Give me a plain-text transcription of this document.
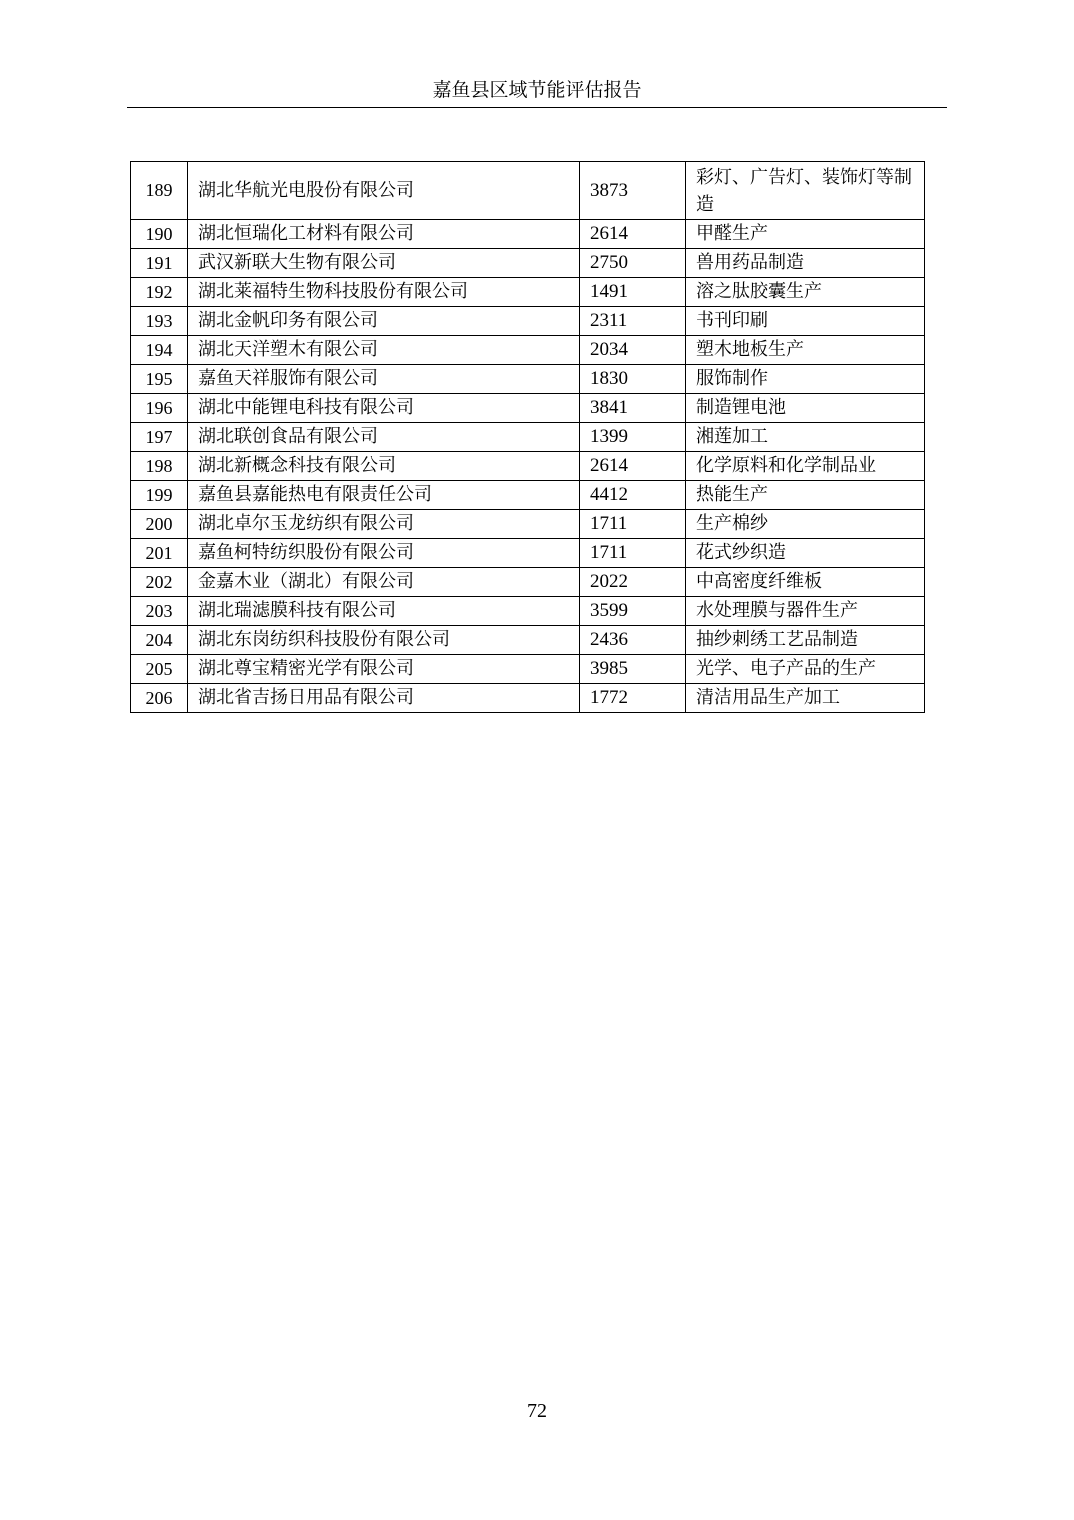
嘉鱼县区域节能评估报告
189	湖北华航光电股份有限公司	3873	彩灯、广告灯、装饰灯等制造
190	湖北恒瑞化工材料有限公司	2614	甲醛生产
191	武汉新联大生物有限公司	2750	兽用药品制造
192	湖北莱福特生物科技股份有限公司	1491	溶之肽胶囊生产
193	湖北金帆印务有限公司	2311	书刊印刷
194	湖北天洋塑木有限公司	2034	塑木地板生产
195	嘉鱼天祥服饰有限公司	1830	服饰制作
196	湖北中能锂电科技有限公司	3841	制造锂电池
197	湖北联创食品有限公司	1399	湘莲加工
198	湖北新概念科技有限公司	2614	化学原料和化学制品业
199	嘉鱼县嘉能热电有限责任公司	4412	热能生产
200	湖北卓尔玉龙纺织有限公司	1711	生产棉纱
201	嘉鱼柯特纺织股份有限公司	1711	花式纱织造
202	金嘉木业（湖北）有限公司	2022	中高密度纤维板
203	湖北瑞滤膜科技有限公司	3599	水处理膜与器件生产
204	湖北东岗纺织科技股份有限公司	2436	抽纱刺绣工艺品制造
205	湖北尊宝精密光学有限公司	3985	光学、电子产品的生产
206	湖北省吉扬日用品有限公司	1772	清洁用品生产加工
72
